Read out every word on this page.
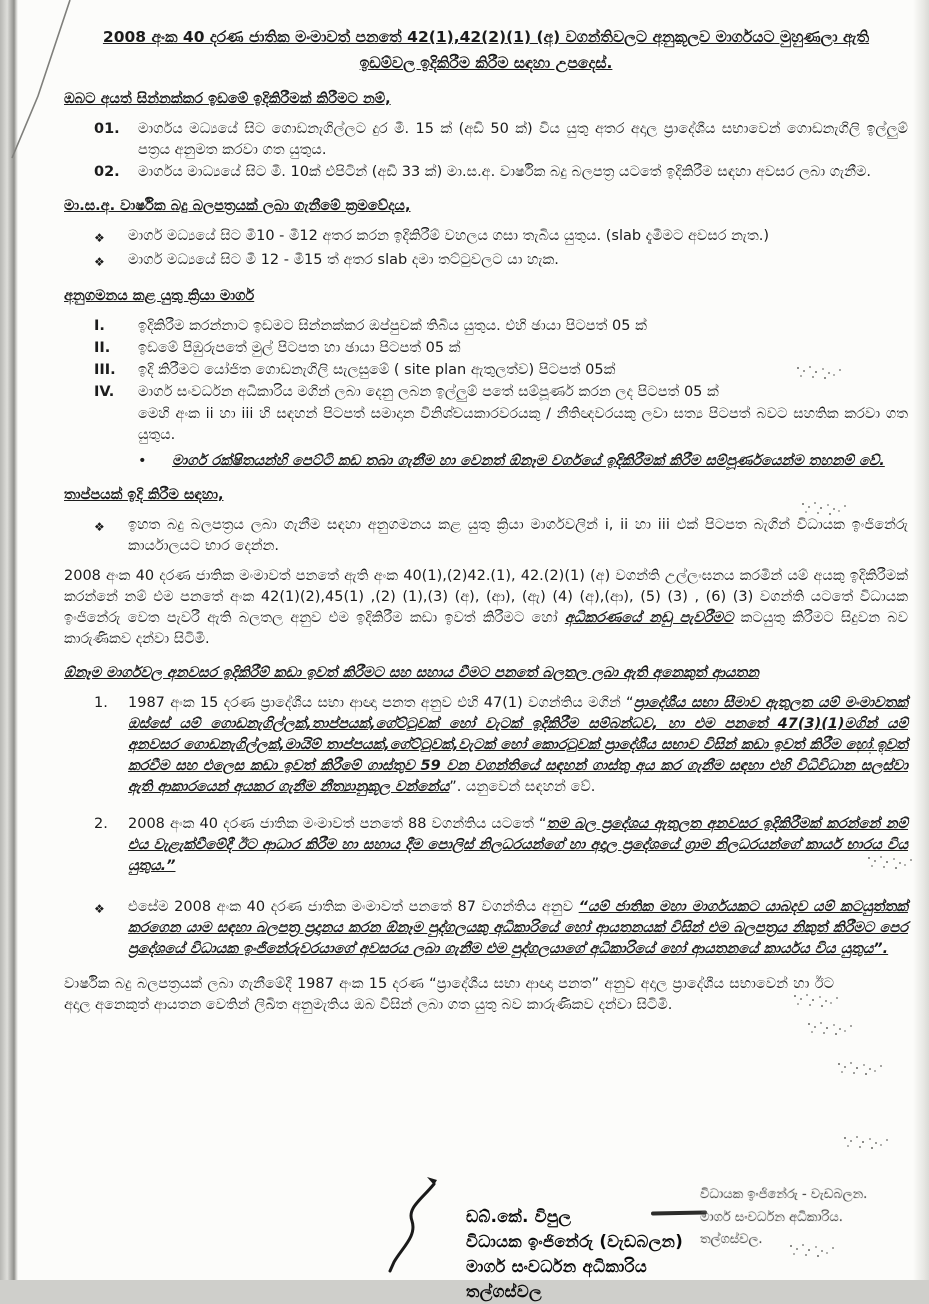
2008 අංක 40 දරණ ජාතික මංමාවත් පනතේ 42(1),42(2)(1) (අ) වගන්තිවලට අනුකූලව මාර්ගයට මුහුණලා ඇති
ඉඩම්වල ඉදිකිරීම කිරීම සඳහා උපදෙස්.
ඔබට අයත් සින්නක්කර ඉඩමේ ඉදිකිරීමක් කිරීමට නම්,
01.	මාර්ගය මධ්‍යයේ සිට ගොඩනැගිල්ලට දුර මී. 15 ක් (අඩි 50 ක්) විය යුතු අතර අදාල ප්‍රාදේශීය සභාවෙන් ගොඩනැගිලි ඉල්ලුම් පත්‍රය අනුමත කරවා ගත යුතුය.
02.	මාර්ගය මාධ්‍යයේ සිට මී. 10ක් එපිටින් (අඩි 33 ක්) මා.ස.අ. වාර්ෂික බදු බලපත්‍ර යටතේ ඉදිකිරීම සඳහා අවසර ලබා ගැනීම.
මා.ස.අ. වාර්ෂික බදු බලපත්‍රයක් ලබා ගැනීමේ ක්‍රමවේදය,
❖	මාර්ග මධ්‍යයේ සිට මී10 - මී12 අතර කරන ඉදිකිරීම් වහලය ගසා තැබිය යුතුය. (slab දැමීමට අවසර නැත.)
❖	මාර්ග මධ්‍යයේ සිට මී 12 - මී15 ත් අතර slab දමා තට්ටුවලට යා හැක.
අනුගමනය කළ යුතු ක්‍රියා මාර්ග
I.	ඉදිකිරීම කරන්නාට ඉඩමට සින්නක්කර ඔප්පුවක් තිබිය යුතුය. එහි ඡායා පිටපත් 05 ක්
II.	ඉඩමේ පිඹුරුපතේ මුල් පිටපත හා ඡායා පිටපත් 05 ක්
III.	ඉදි කිරීමට යෝජිත ගොඩනැගිලි සැලසුමේ ( site plan ඇතුලත්ව) පිටපත් 05ක්
IV.	මාර්ග සංවර්ධන අධිකාරිය මගින් ලබා දෙනු ලබන ඉල්ලුම් පතේ සම්පූර්ණ කරන ලද පිටපත් 05 ක්
මෙහි අංක ii හා iii හි සඳහන් පිටපත් සමාදාන විනිශ්චයකාරවරයකු / නීතිඥවරයකු ලවා සත්‍ය පිටපත් බවට සහතික කරවා ගත යුතුය.
•	මාර්ග රක්ෂිතයන්හි පෙට්ටි කඩ තබා ගැනීම හා වෙනත් ඕනෑම වර්ගයේ ඉදිකිරීමක් කිරීම සම්පූර්ණයෙන්ම තහනම් වේ.
තාප්පයක් ඉදි කිරීම සඳහා,
❖	ඉහත බදු බලපත්‍රය ලබා ගැනීම සඳහා අනුගමනය කළ යුතු ක්‍රියා මාර්ගවලින් i, ii හා iii එක් පිටපත බැගින් විධායක ඉංජිනේරු කාර්යාලයට භාර දෙන්න.
2008 අංක 40 දරණ ජාතික මංමාවත් පනතේ ඇති අංක 40(1),(2)42.(1), 42.(2)(1) (අ) වගන්ති උල්ලංඝනය කරමින් යම් අයකු ඉදිකිරීමක් කරන්නේ නම් එම පනතේ අංක 42(1)(2),45(1) ,(2) (1),(3) (අ), (ආ), (ඇ) (4) (අ),(ආ), (5) (3) , (6) (3) වගන්ති යටතේ විධායක ඉංජිනේරු වෙත පැවරී ඇති බලතල අනුව එම ඉදිකිරීම කඩා ඉවත් කිරීමට හෝ අධිකරණයේ නඩු පැවරීමට කටයුතු කිරීමට සිදුවන බව කාරුණිකව දන්වා සිටිමි.
ඕනෑම මාර්ගවල අනවසර ඉදිකිරීම් කඩා ඉවත් කිරීමට සහ සහාය වීමට පනතේ බලතල ලබා ඇති අනෙකුත් ආයතන
1.	1987 අංක 15 දරණ ප්‍රාදේශීය සභා ආඥා පනත අනුව එහි 47(1) වගන්තිය මගින් “ප්‍රාදේශීය සභා සීමාව ඇතුලත යම් මංමාවතක් ඔස්සේ යම් ගොඩනැගිල්ලක්,තාප්පයක්,ගේට්ටුවක් හෝ වැටක් ඉදිකිරීම සම්බන්ධව, හා එම පනතේ 47(3)(1)මගින් යම් අනවසර ගොඩනැගිල්ලක්,මායිම් තාප්පයක්,ගේට්ටුවක්,වැටක් හෝ කොරටුවක් ප්‍රාදේශීය සභාව විසින් කඩා ඉවත් කිරීම හෝ ඉවත් කරවීම සහ එලෙස කඩා ඉවත් කිරීමේ ගාස්තුව 59 වන වගන්තියේ සඳහන් ගාස්තු අය කර ගැනීම සඳහා එහි විධිවිධාන සලස්වා ඇති ආකාරයෙන් අයකර ගැනීම නීත්‍යානුකූල වන්නේය”. යනුවෙන් සඳහන් වේ.
2.	2008 අංක 40 දරණ ජාතික මංමාවත් පනතේ 88 වගන්තිය යටතේ “තම බල ප්‍රදේශය ඇතුලත අනවසර ඉදිකිරීමක් කරන්නේ නම් එය වැළැක්වීමේදී ඊට ආධාර කිරීම හා සහාය දීම පොලිස් නිලධරයන්ගේ හා අදාල ප්‍රදේශයේ ග්‍රාම නිලධරයන්ගේ කාර්ය භාරය විය යුතුය.”
❖	එසේම 2008 අංක 40 දරණ ජාතික මංමාවත් පනතේ 87 වගන්තිය අනුව “යම් ජාතික මහා මාර්ගයකට යාබදව යම් කටයුත්තක් කරගෙන යාම සඳහා බලපත්‍ර ප්‍රදානය කරන ඕනෑම පුද්ගලයකු අධිකාරියේ හෝ ආයතනයක් විසින් එම බලපත්‍රය නිකුත් කිරීමට පෙර ප්‍රදේශයේ විධායක ඉංජිනේරුවරයාගේ අවසරය ලබා ගැනීම එම පුද්ගලයාගේ අධිකාරියේ හෝ ආයතනයේ කාර්යය විය යුතුය”.
වාර්ෂික බදු බලපත්‍රයක් ලබා ගැනීමේදී 1987 අංක 15 දරණ “ප්‍රාදේශීය සභා ආඥා පනත” අනුව අදාල ප්‍රාදේශීය සභාවෙන් හා ඊට අදාල අනෙකුත් ආයතන වෙතින් ලිඛිත අනුමැතිය ඔබ විසින් ලබා ගත යුතු බව කාරුණිකව දන්වා සිටිමි.
ඩබ්.කේ. විපුල
විධායක ඉංජිනේරු (වැඩබලන)
මාර්ග සංවර්ධන අධිකාරිය
තල්ගස්වල
විධායක ඉංජිනේරු - වැඩබලන.
මාර්ග සංවර්ධන අධිකාරිය.
තල්ගස්වල.
